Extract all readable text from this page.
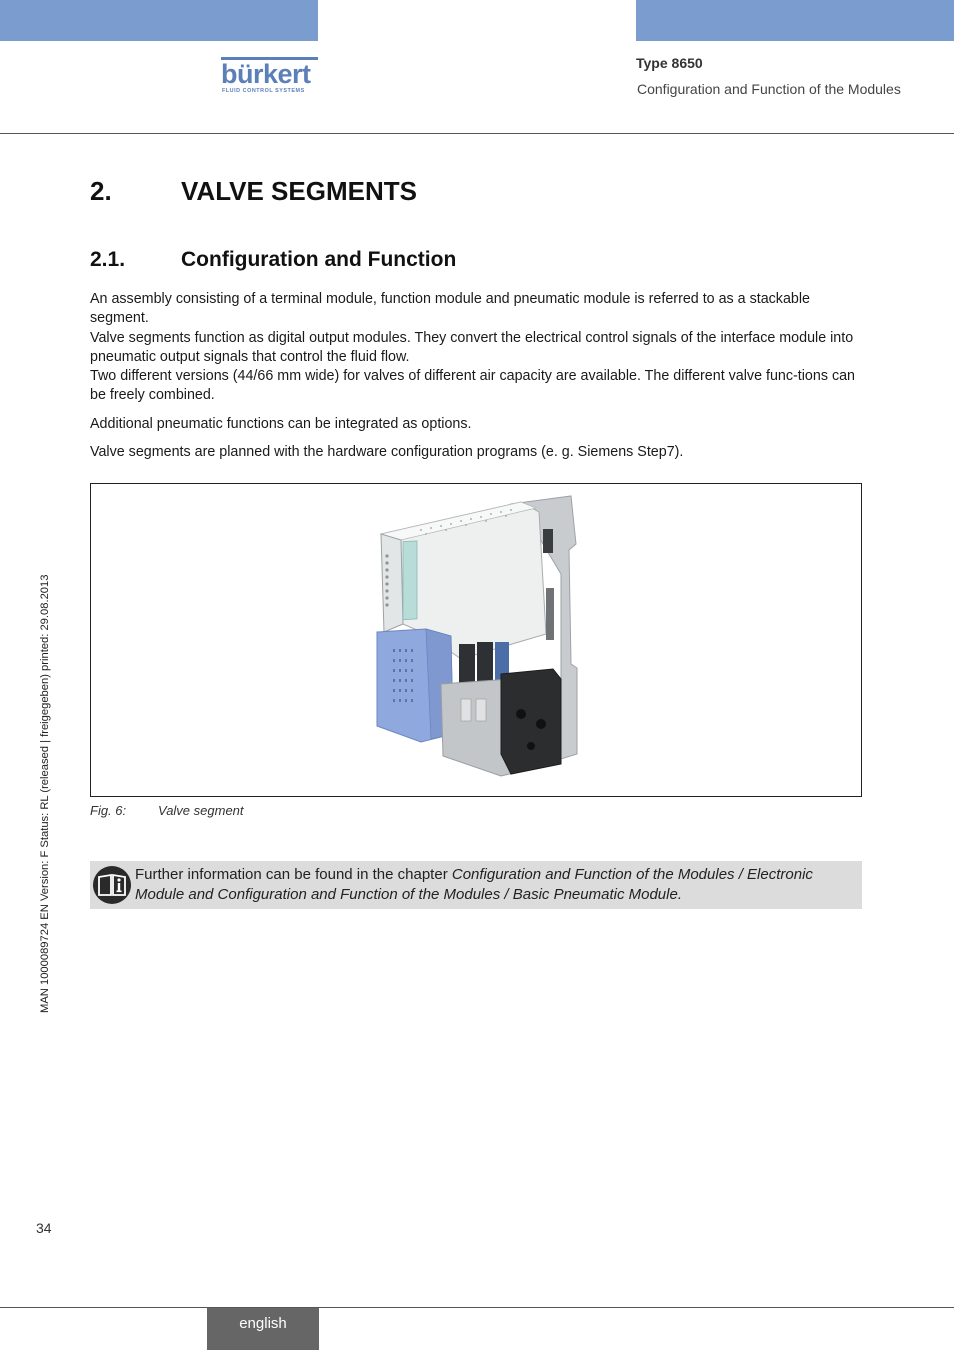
bürkert
FLUID CONTROL SYSTEMS
Type 8650
Configuration and Function of the Modules
2.	VALVE SEGMENTS
2.1.	Configuration and Function

An assembly consisting of a terminal module, function module and pneumatic module is referred to as a stackable segment.

Valve segments function as digital output modules. They convert the electrical control signals of the interface module into pneumatic output signals that control the fluid flow.

Two different versions (44/66 mm wide) for valves of different air capacity are available. The different valve func-tions can be freely combined.

Additional pneumatic functions can be integrated as options.

Valve segments are planned with the hardware configuration programs (e. g. Siemens Step7).

Fig. 6: Valve segment
Further information can be found in the chapter Configuration and Function of the Modules / Electronic Module and Configuration and Function of the Modules / Basic Pneumatic Module.
MAN 1000089724 EN Version: F Status: RL (released | freigegeben) printed: 29.08.2013
34
english
